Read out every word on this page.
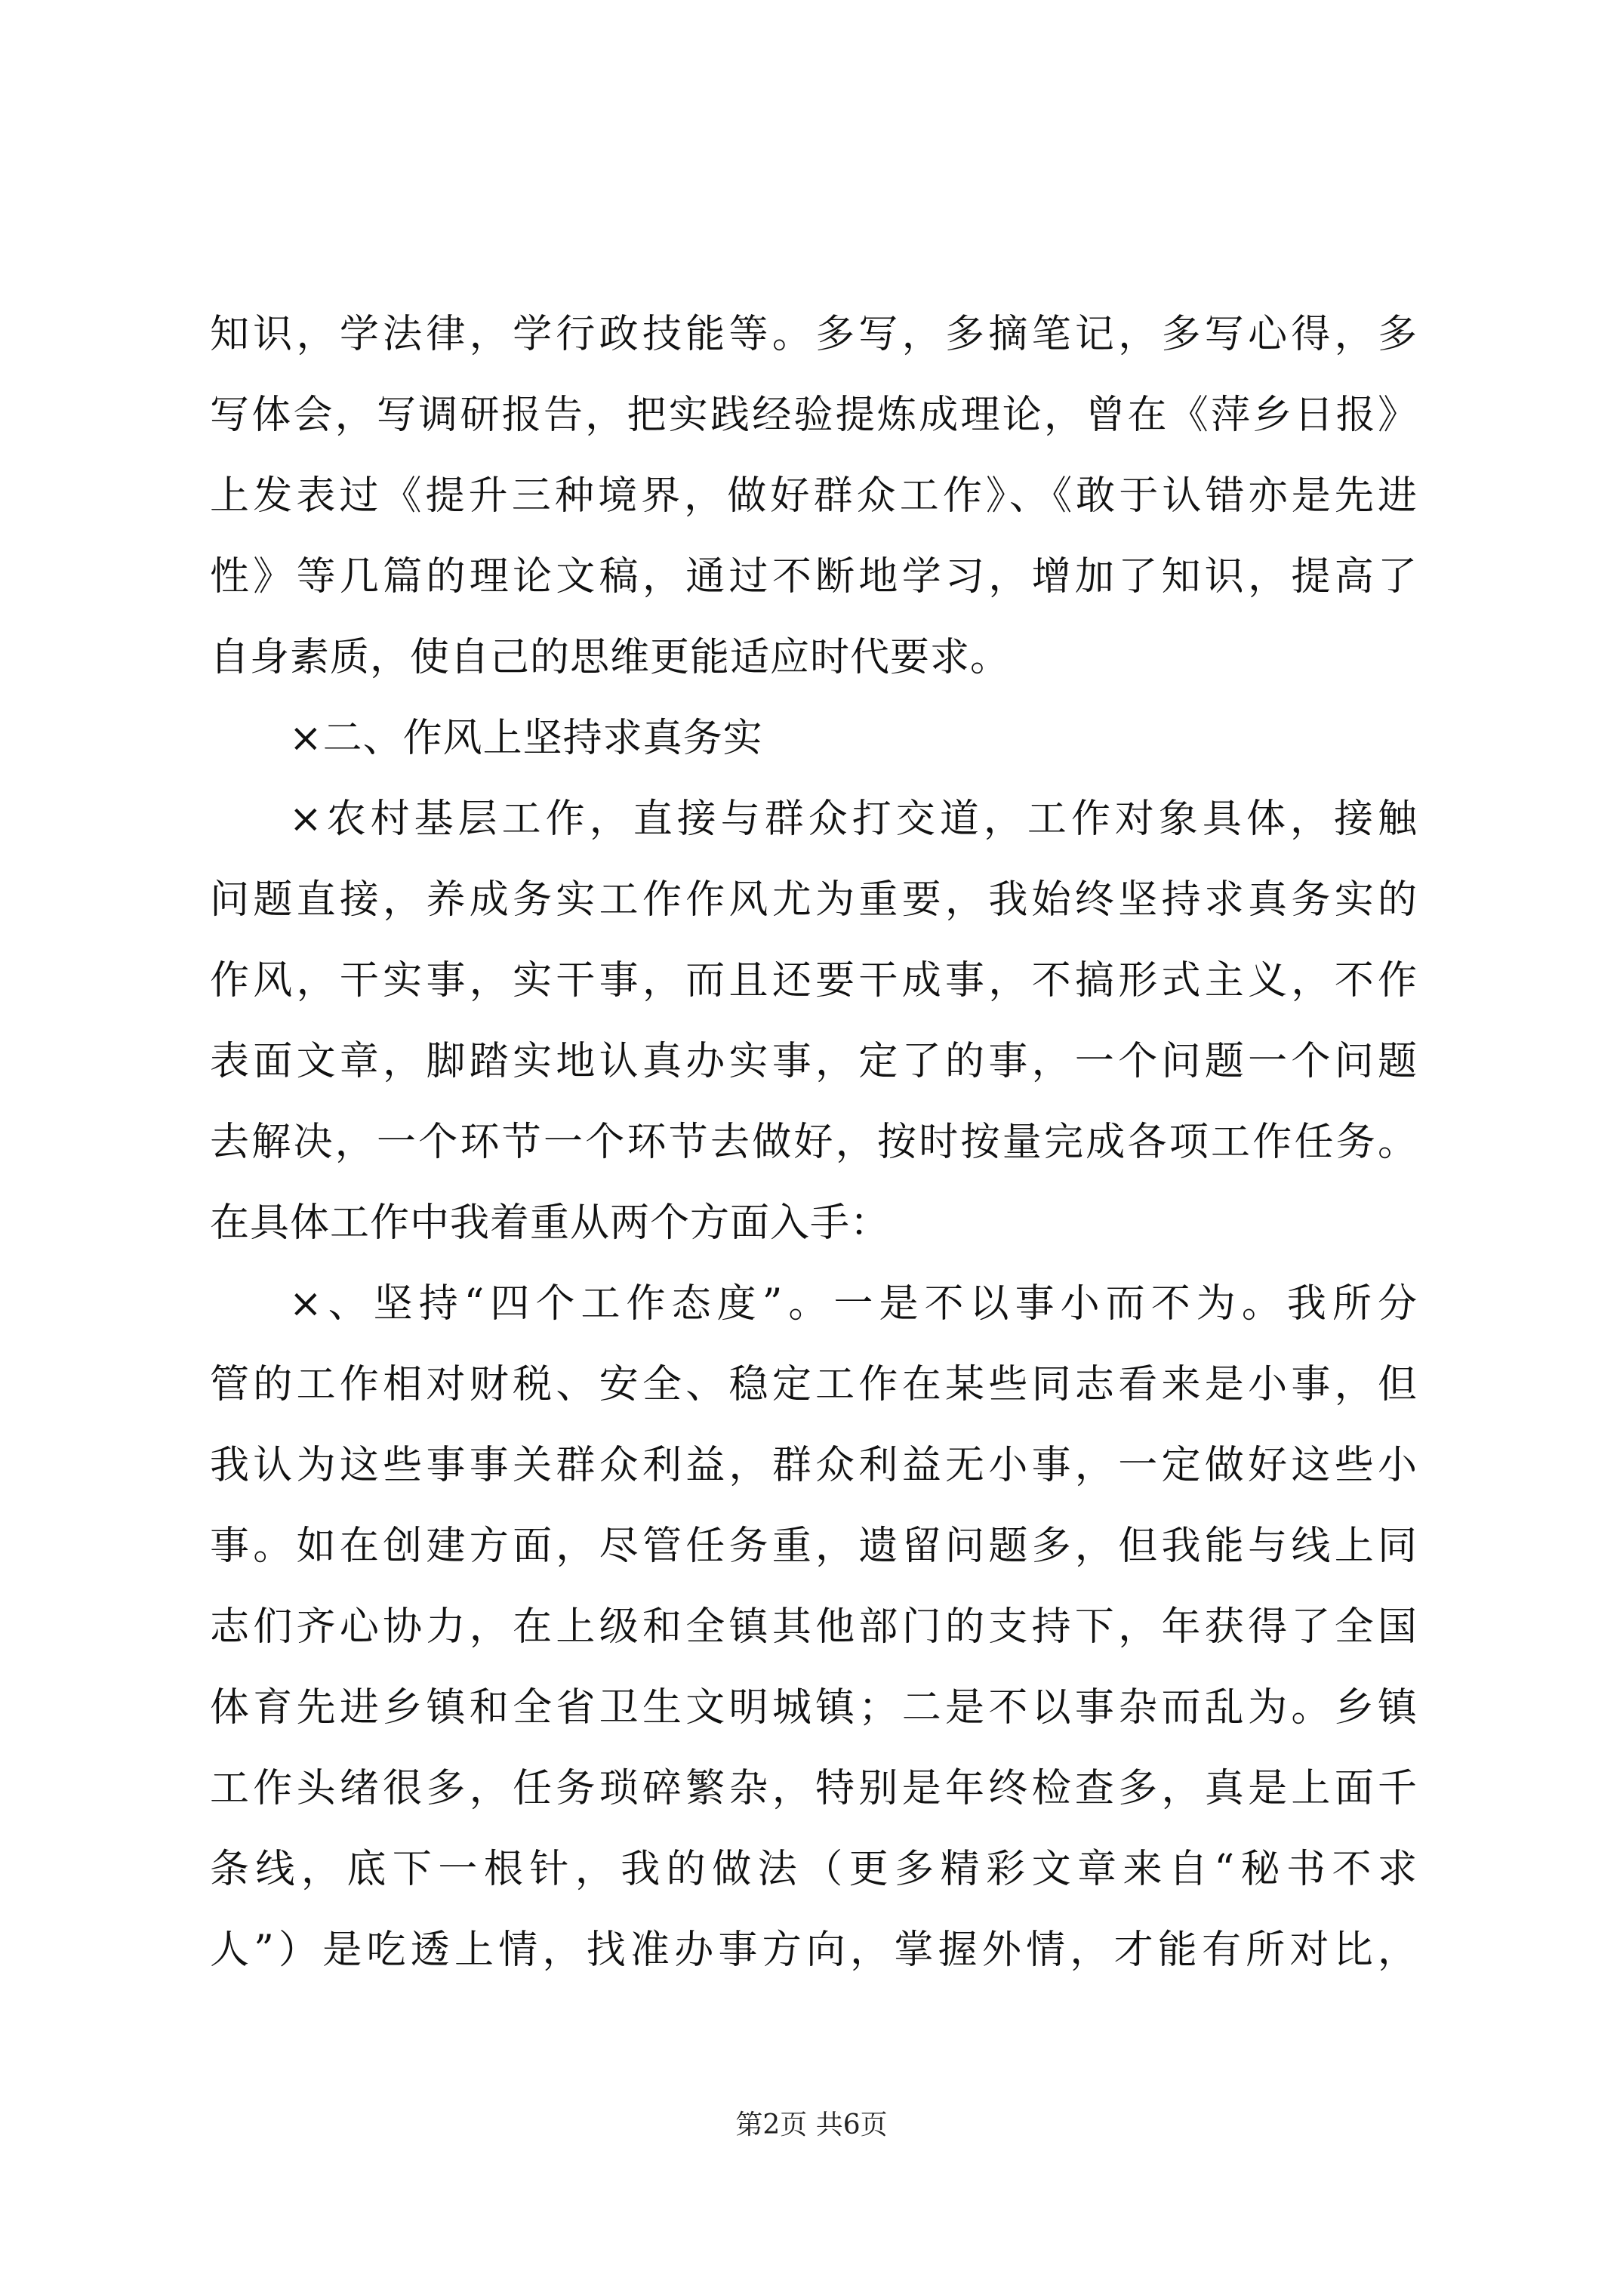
知识，学法律，学行政技能等。多写，多摘笔记，多写心得，多
写体会，写调研报告，把实践经验提炼成理论，曾在《萍乡日报》
上发表过《提升三种境界，做好群众工作》、《敢于认错亦是先进
性》等几篇的理论文稿，通过不断地学习，增加了知识，提高了
自身素质，使自己的思维更能适应时代要求。
×二、作风上坚持求真务实
×农村基层工作，直接与群众打交道，工作对象具体，接触
问题直接，养成务实工作作风尤为重要，我始终坚持求真务实的
作风，干实事，实干事，而且还要干成事，不搞形式主义，不作
表面文章，脚踏实地认真办实事，定了的事，一个问题一个问题
去解决，一个环节一个环节去做好，按时按量完成各项工作任务。
在具体工作中我着重从两个方面入手：
×、坚持“四个工作态度”。一是不以事小而不为。我所分
管的工作相对财税、安全、稳定工作在某些同志看来是小事，但
我认为这些事事关群众利益，群众利益无小事，一定做好这些小
事。如在创建方面，尽管任务重，遗留问题多，但我能与线上同
志们齐心协力，在上级和全镇其他部门的支持下，年获得了全国
体育先进乡镇和全省卫生文明城镇；二是不以事杂而乱为。乡镇
工作头绪很多，任务琐碎繁杂，特别是年终检查多，真是上面千
条线，底下一根针，我的做法（更多精彩文章来自“秘书不求
人”）是吃透上情，找准办事方向，掌握外情，才能有所对比，
第2页 共6页
